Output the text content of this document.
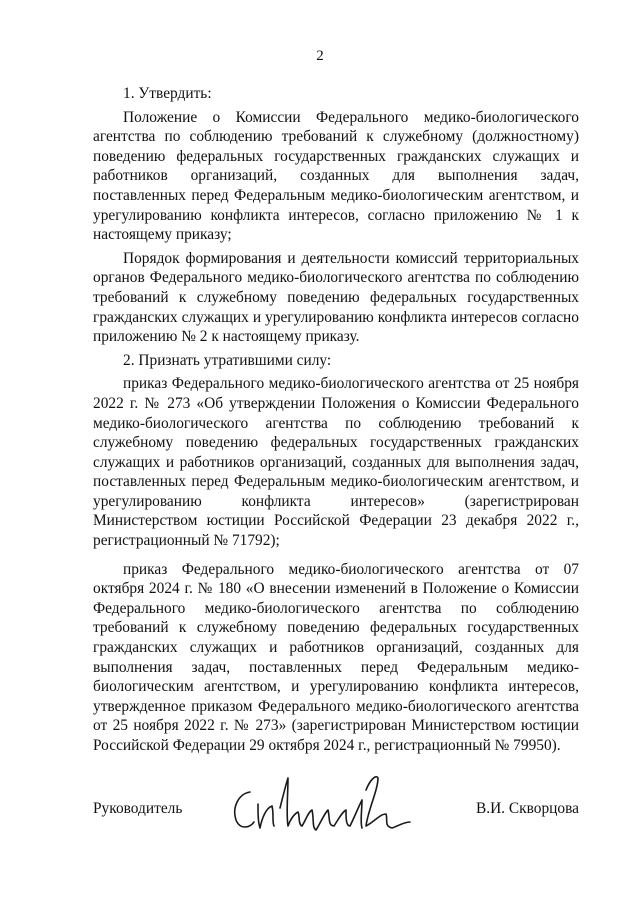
2

1. Утвердить:

Положение о Комиссии Федерального медико-биологического агентства по соблюдению требований к служебному (должностному) поведению федеральных государственных гражданских служащих и работников организаций, созданных для выполнения задач, поставленных перед Федеральным медико-биологическим агентством, и урегулированию конфликта интересов, согласно приложению № 1 к настоящему приказу;

Порядок формирования и деятельности комиссий территориальных органов Федерального медико-биологического агентства по соблюдению требований к служебному поведению федеральных государственных гражданских служащих и урегулированию конфликта интересов согласно приложению № 2 к настоящему приказу.

2. Признать утратившими силу:

приказ Федерального медико-биологического агентства от 25 ноября 2022 г. № 273 «Об утверждении Положения о Комиссии Федерального медико-биологического агентства по соблюдению требований к служебному поведению федеральных государственных гражданских служащих и работников организаций, созданных для выполнения задач, поставленных перед Федеральным медико-биологическим агентством, и урегулированию конфликта интересов» (зарегистрирован Министерством юстиции Российской Федерации 23 декабря 2022 г., регистрационный № 71792);

приказ Федерального медико-биологического агентства от 07 октября 2024 г. № 180 «О внесении изменений в Положение о Комиссии Федерального медико-биологического агентства по соблюдению требований к служебному поведению федеральных государственных гражданских служащих и работников организаций, созданных для выполнения задач, поставленных перед Федеральным медико-биологическим агентством, и урегулированию конфликта интересов, утвержденное приказом Федерального медико-биологического агентства от 25 ноября 2022 г. № 273» (зарегистрирован Министерством юстиции Российской Федерации 29 октября 2024 г., регистрационный № 79950).

Руководитель	В.И. Скворцова
